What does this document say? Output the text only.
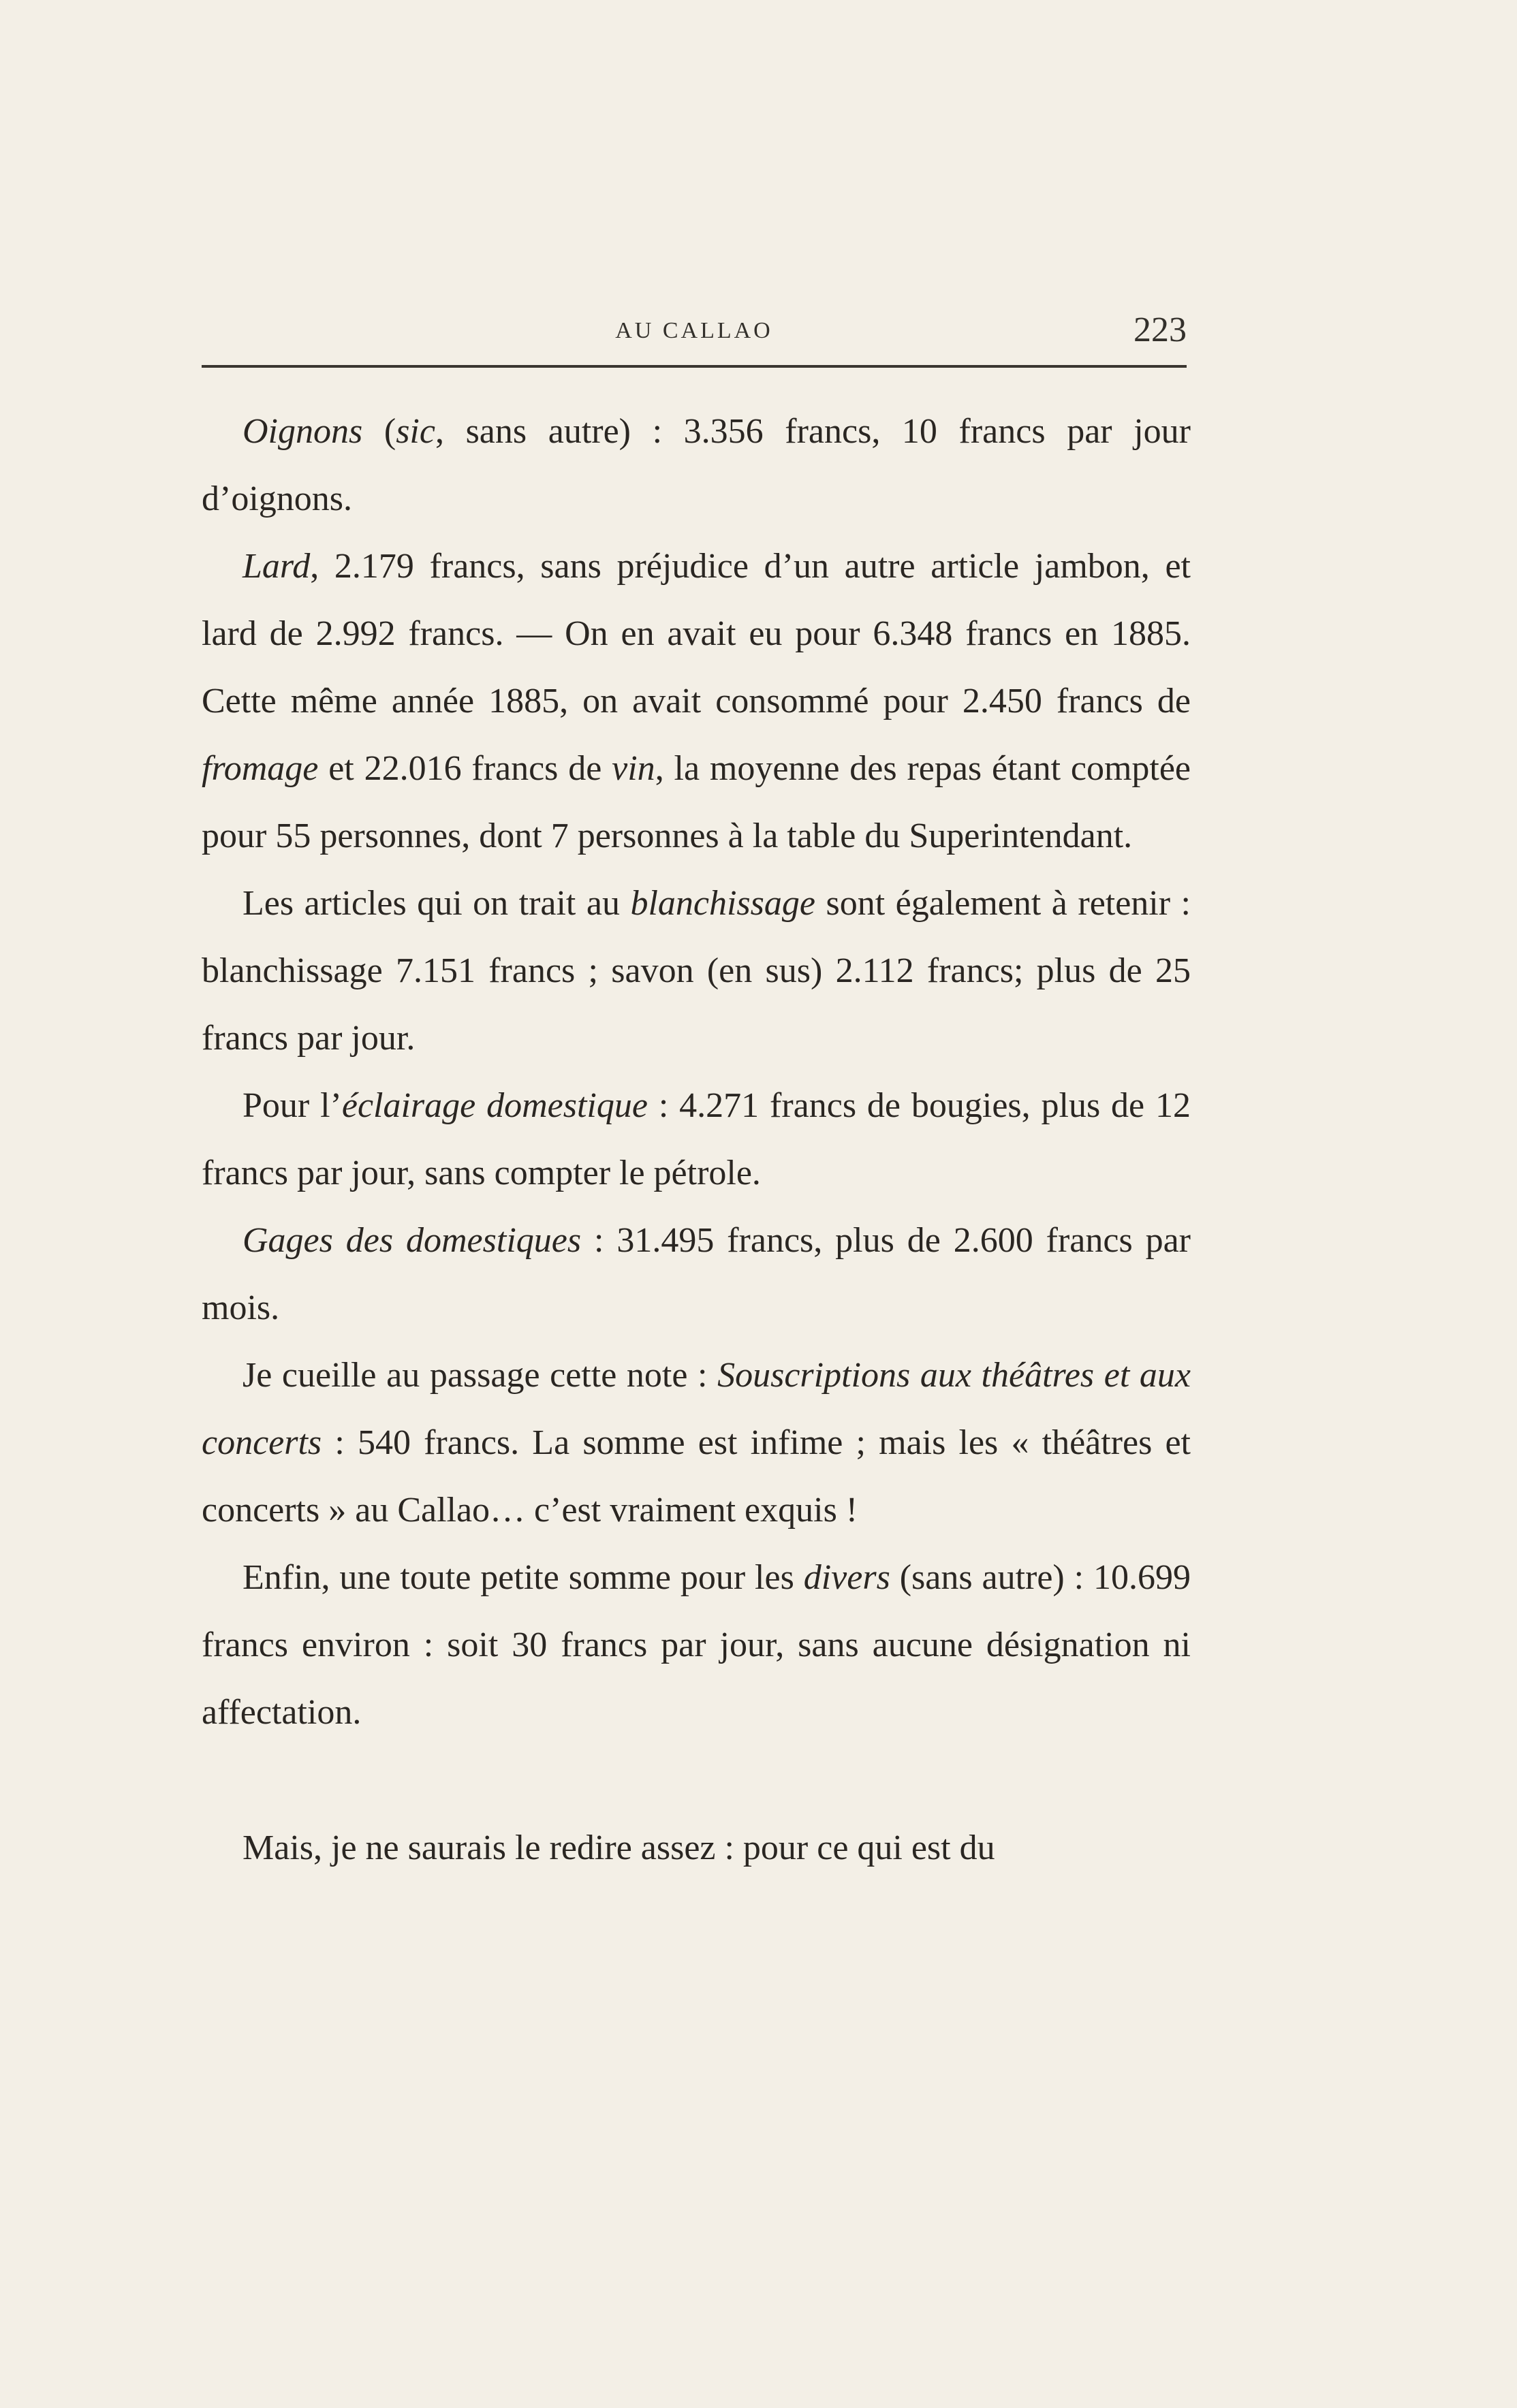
AU CALLAO	223

Oignons (sic, sans autre) : 3.356 francs, 10 francs par jour d’oignons.

Lard, 2.179 francs, sans préjudice d’un autre article jambon, et lard de 2.992 francs. — On en avait eu pour 6.348 francs en 1885. Cette même année 1885, on avait consommé pour 2.450 francs de fromage et 22.016 francs de vin, la moyenne des repas étant comptée pour 55 personnes, dont 7 personnes à la table du Superintendant.

Les articles qui on trait au blanchissage sont également à retenir : blanchissage 7.151 francs ; savon (en sus) 2.112 francs; plus de 25 francs par jour.

Pour l’éclairage domestique : 4.271 francs de bougies, plus de 12 francs par jour, sans compter le pétrole.

Gages des domestiques : 31.495 francs, plus de 2.600 francs par mois.

Je cueille au passage cette note : Souscriptions aux théâtres et aux concerts : 540 francs. La somme est infime ; mais les « théâtres et concerts » au Callao… c’est vraiment exquis !

Enfin, une toute petite somme pour les divers (sans autre) : 10.699 francs environ : soit 30 francs par jour, sans aucune désignation ni affectation.

Mais, je ne saurais le redire assez : pour ce qui est du
